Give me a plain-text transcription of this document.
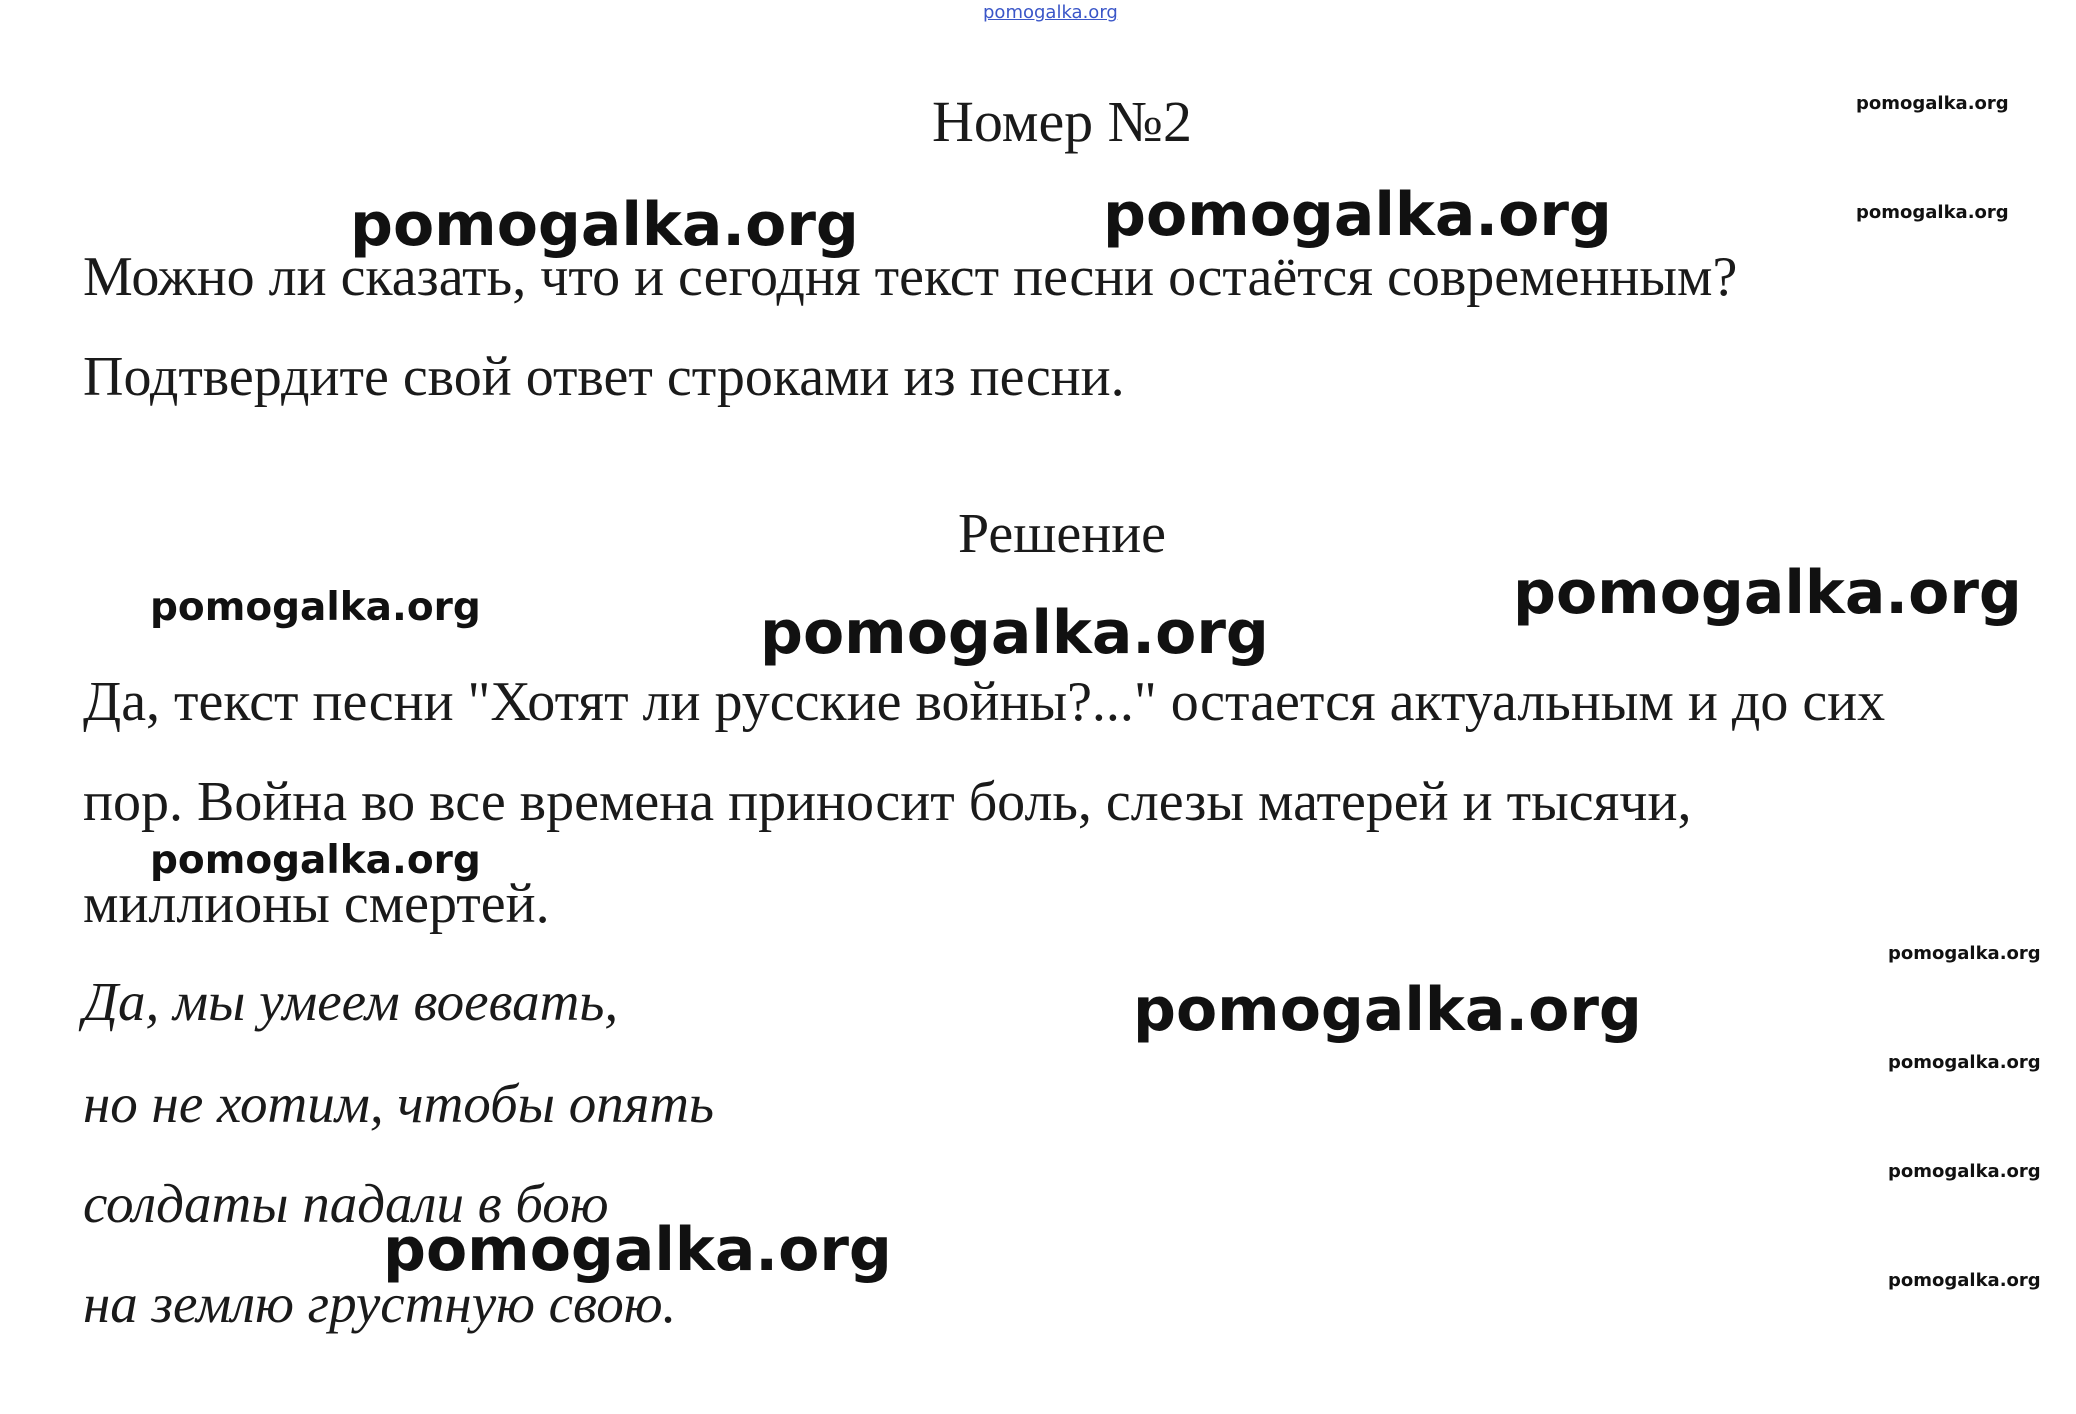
pomogalka.org
Номер №2
Можно ли сказать, что и сегодня текст песни остаётся современным?
Подтвердите свой ответ строками из песни.
Решение
Да, текст песни "Хотят ли русские войны?..." остается актуальным и до сих
пор. Война во все времена приносит боль, слезы матерей и тысячи,
миллионы смертей.
Да, мы умеем воевать,
но не хотим, чтобы опять
солдаты падали в бою
на землю грустную свою.
pomogalka.org
pomogalka.org
pomogalka.org
pomogalka.org
pomogalka.org
pomogalka.org
pomogalka.org	pomogalka.org
pomogalka.org
pomogalka.org
pomogalka.org
pomogalka.org
pomogalka.org
pomogalka.org
